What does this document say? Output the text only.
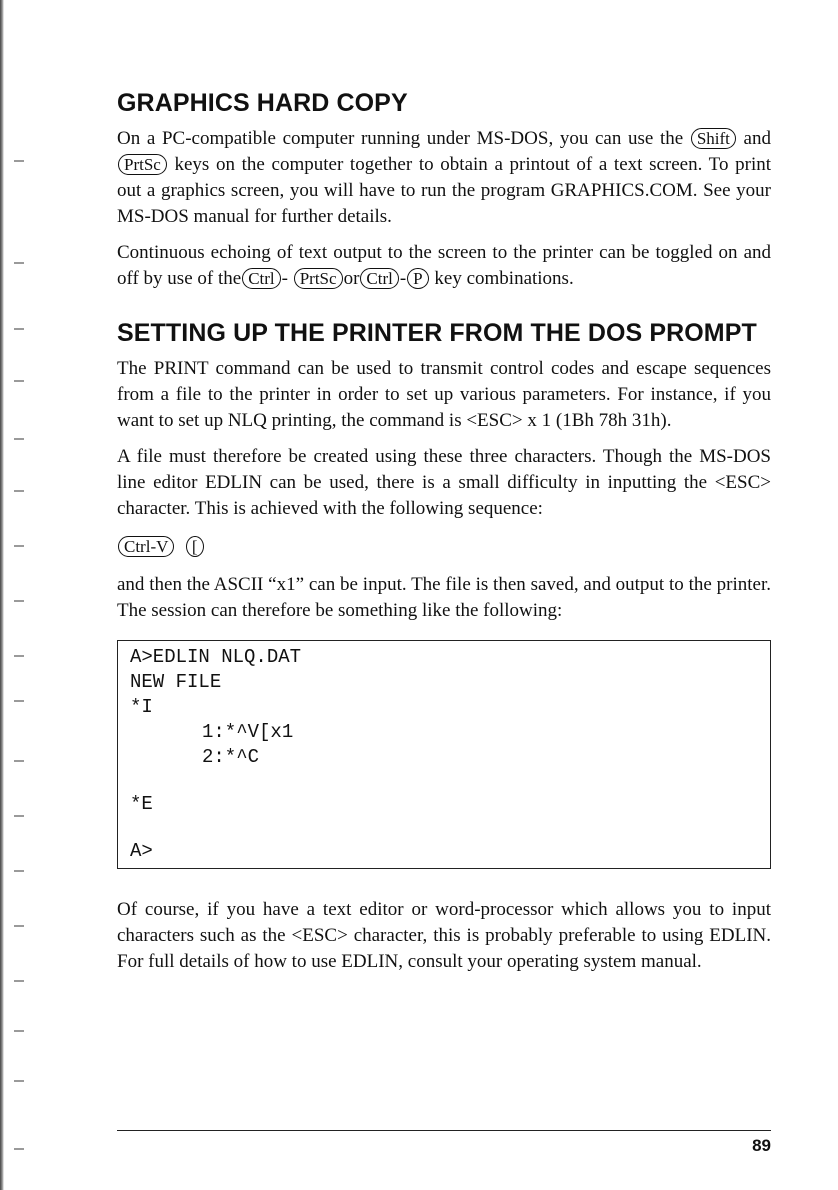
GRAPHICS HARD COPY

On a PC-compatible computer running under MS-DOS, you can use the Shift and PrtSc keys on the computer together to obtain a printout of a text screen. To print out a graphics screen, you will have to run the program GRAPHICS.COM. See your MS-DOS manual for further details.

Continuous echoing of text output to the screen to the printer can be toggled on and off by use of the Ctrl - PrtSc or Ctrl - P key combinations.

SETTING UP THE PRINTER FROM THE DOS PROMPT

The PRINT command can be used to transmit control codes and escape sequences from a file to the printer in order to set up various parameters. For instance, if you want to set up NLQ printing, the command is <ESC> x 1 (1Bh 78h 31h).

A file must therefore be created using these three characters. Though the MS-DOS line editor EDLIN can be used, there is a small difficulty in inputting the <ESC> character. This is achieved with the following sequence:

Ctrl-V [

and then the ASCII “x1” can be input. The file is then saved, and output to the printer. The session can therefore be something like the following:

A>EDLIN NLQ.DAT
NEW FILE
*I
1:*^V[x1
2:*^C
*E
A>

Of course, if you have a text editor or word-processor which allows you to input characters such as the <ESC> character, this is probably preferable to using EDLIN. For full details of how to use EDLIN, consult your operating system manual.

89
